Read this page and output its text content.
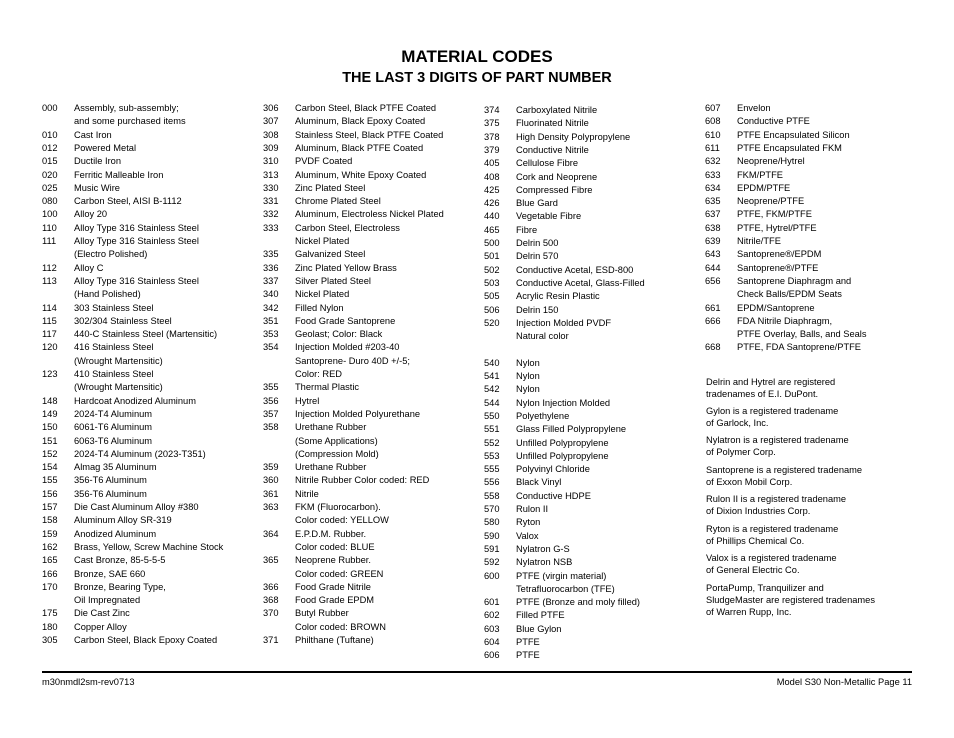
MATERIAL CODES
THE LAST 3 DIGITS OF PART NUMBER
000 Assembly, sub-assembly;
and some purchased items
010 Cast Iron
012 Powered Metal
015 Ductile Iron
020 Ferritic Malleable Iron
025 Music Wire
080 Carbon Steel, AISI B-1112
100 Alloy 20
110 Alloy Type 316 Stainless Steel
111 Alloy Type 316 Stainless Steel
(Electro Polished)
112 Alloy C
113 Alloy Type 316 Stainless Steel
(Hand Polished)
114 303 Stainless Steel
115 302/304 Stainless Steel
117 440-C Stainless Steel (Martensitic)
120 416 Stainless Steel
(Wrought Martensitic)
123 410 Stainless Steel
(Wrought Martensitic)
148 Hardcoat Anodized Aluminum
149 2024-T4 Aluminum
150 6061-T6 Aluminum
151 6063-T6 Aluminum
152 2024-T4 Aluminum (2023-T351)
154 Almag 35 Aluminum
155 356-T6 Aluminum
156 356-T6 Aluminum
157 Die Cast Aluminum Alloy #380
158 Aluminum Alloy SR-319
159 Anodized Aluminum
162 Brass, Yellow, Screw Machine Stock
165 Cast Bronze, 85-5-5-5
166 Bronze, SAE 660
170 Bronze, Bearing Type,
Oil Impregnated
175 Die Cast Zinc
180 Copper Alloy
305 Carbon Steel, Black Epoxy Coated
306 Carbon Steel, Black PTFE Coated
307 Aluminum, Black Epoxy Coated
308 Stainless Steel, Black PTFE Coated
309 Aluminum, Black PTFE Coated
310 PVDF Coated
313 Aluminum, White Epoxy Coated
330 Zinc Plated Steel
331 Chrome Plated Steel
332 Aluminum, Electroless Nickel Plated
333 Carbon Steel, Electroless
Nickel Plated
335 Galvanized Steel
336 Zinc Plated Yellow Brass
337 Silver Plated Steel
340 Nickel Plated
342 Filled Nylon
351 Food Grade Santoprene
353 Geolast; Color: Black
354 Injection Molded #203-40
Santoprene- Duro 40D +/-5;
Color: RED
355 Thermal Plastic
356 Hytrel
357 Injection Molded Polyurethane
358 Urethane Rubber
(Some Applications)
(Compression Mold)
359 Urethane Rubber
360 Nitrile Rubber Color coded: RED
361 Nitrile
363 FKM (Fluorocarbon).
Color coded: YELLOW
364 E.P.D.M. Rubber.
Color coded: BLUE
365 Neoprene Rubber.
Color coded: GREEN
366 Food Grade Nitrile
368 Food Grade EPDM
370 Butyl Rubber
Color coded: BROWN
371 Philthane (Tuftane)
374 Carboxylated Nitrile
375 Fluorinated Nitrile
378 High Density Polypropylene
379 Conductive Nitrile
405 Cellulose Fibre
408 Cork and Neoprene
425 Compressed Fibre
426 Blue Gard
440 Vegetable Fibre
465 Fibre
500 Delrin 500
501 Delrin 570
502 Conductive Acetal, ESD-800
503 Conductive Acetal, Glass-Filled
505 Acrylic Resin Plastic
506 Delrin 150
520 Injection Molded PVDF
Natural color
540 Nylon
541 Nylon
542 Nylon
544 Nylon Injection Molded
550 Polyethylene
551 Glass Filled Polypropylene
552 Unfilled Polypropylene
553 Unfilled Polypropylene
555 Polyvinyl Chloride
556 Black Vinyl
558 Conductive HDPE
570 Rulon II
580 Ryton
590 Valox
591 Nylatron G-S
592 Nylatron NSB
600 PTFE (virgin material)
Tetrafluorocarbon (TFE)
601 PTFE (Bronze and moly filled)
602 Filled PTFE
603 Blue Gylon
604 PTFE
606 PTFE
607 Envelon
608 Conductive PTFE
610 PTFE Encapsulated Silicon
611 PTFE Encapsulated FKM
632 Neoprene/Hytrel
633 FKM/PTFE
634 EPDM/PTFE
635 Neoprene/PTFE
637 PTFE, FKM/PTFE
638 PTFE, Hytrel/PTFE
639 Nitrile/TFE
643 Santoprene®/EPDM
644 Santoprene®/PTFE
656 Santoprene Diaphragm and
Check Balls/EPDM Seats
661 EPDM/Santoprene
666 FDA Nitrile Diaphragm,
PTFE Overlay, Balls, and Seals
668 PTFE, FDA Santoprene/PTFE
Delrin and Hytrel are registered
tradenames of E.I. DuPont.
Gylon is a registered tradename
of Garlock, Inc.
Nylatron is a registered tradename
of Polymer Corp.
Santoprene is a registered tradename
of Exxon Mobil Corp.
Rulon II is a registered tradename
of Dixion Industries Corp.
Ryton is a registered tradename
of Phillips Chemical Co.
Valox is a registered tradename
of General Electric Co.
PortaPump, Tranquilizer and
SludgeMaster are registered tradenames
of Warren Rupp, Inc.
m30nmdl2sm-rev0713	Model S30 Non-Metallic Page 11
